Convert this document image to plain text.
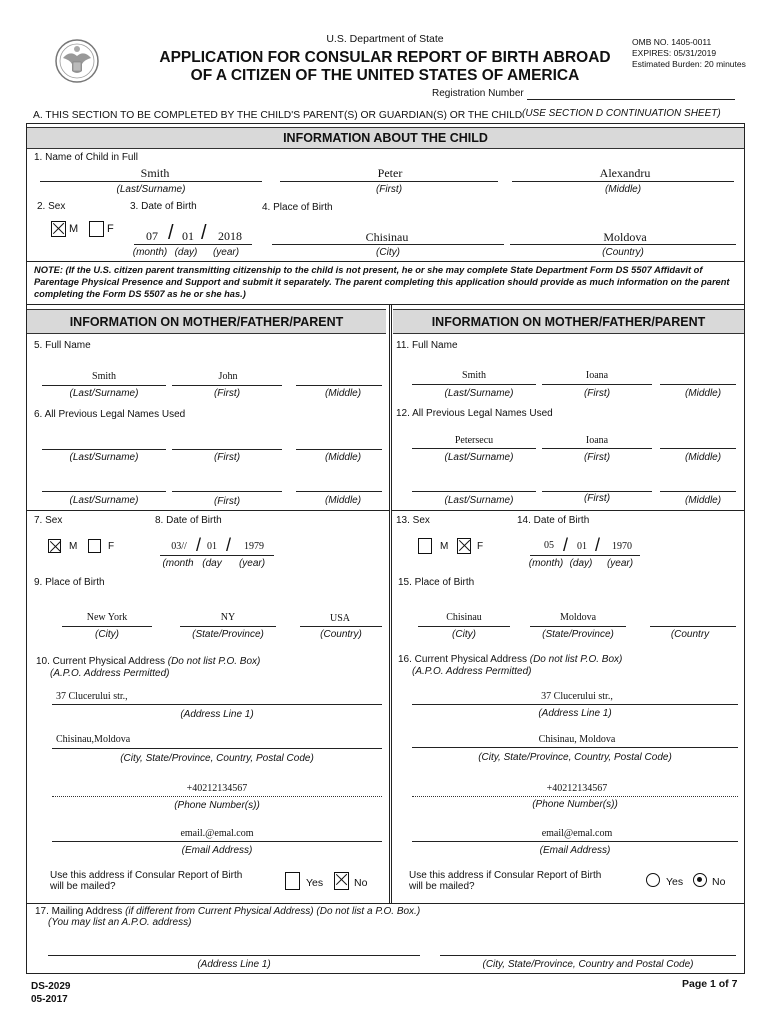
U.S. Department of State
APPLICATION FOR CONSULAR REPORT OF BIRTH ABROAD
OF A CITIZEN OF THE UNITED STATES OF AMERICA
OMB NO. 1405-0011
EXPIRES: 05/31/2019
Estimated Burden: 20 minutes
Registration Number
A. THIS SECTION TO BE COMPLETED BY THE CHILD'S PARENT(S) OR GUARDIAN(S) OR THE CHILD (USE SECTION D CONTINUATION SHEET)
INFORMATION ABOUT THE CHILD
1. Name of Child in Full
Smith	Peter	Alexandru
(Last/Surname)	(First)	(Middle)
2. Sex	3. Date of Birth	4. Place of Birth
M	F	07 / 01 / 2018
(month) (day)	(year)
Chisinau	Moldova
(City)	(Country)
NOTE: (If the U.S. citizen parent transmitting citizenship to the child is not present, he or she may complete State Department Form DS 5507 Affidavit of Parentage Physical Presence and Support and submit it separately. The parent completing this application should provide as much information on the parent completing the Form DS 5507 as he or she has.)
INFORMATION ON MOTHER/FATHER/PARENT	INFORMATION ON MOTHER/FATHER/PARENT
5. Full Name
Smith	John
(Last/Surname)	(First)	(Middle)
6. All Previous Legal Names Used
(Last/Surname)	(First)	(Middle)
(Last/Surname)	(First)	(Middle)
7. Sex	8. Date of Birth
M	F	03// / 01 /	1979
(month (day	(year)
9. Place of Birth
New York	NY	USA
(City)	(State/Province)	(Country)
10. Current Physical Address (Do not list P.O. Box)
(A.P.O. Address Permitted)
37 Clucerului str.,
(Address Line 1)
Chisinau,Moldova
(City, State/Province, Country, Postal Code)
+40212134567
(Phone Number(s))
email.@emal.com
(Email Address)
Use this address if Consular Report of Birth
will be mailed?	Yes	No
11. Full Name
Smith	Ioana
(Last/Surname)	(First)	(Middle)
12. All Previous Legal Names Used
Petersecu	Ioana
(Last/Surname)	(First)	(Middle)
(Last/Surname)	(First)	(Middle)
13. Sex	14. Date of Birth
M	F	05 / 01 /	1970
(month) (day)	(year)
15. Place of Birth
Chisinau	Moldova
(City)	(State/Province)	(Country
16. Current Physical Address (Do not list P.O. Box)
(A.P.O. Address Permitted)
37 Clucerului str.,
(Address Line 1)
Chisinau, Moldova
(City, State/Province, Country, Postal Code)
+40212134567
(Phone Number(s))
email@emal.com
(Email Address)
Use this address if Consular Report of Birth
will be mailed?	Yes	No
17. Mailing Address (if different from Current Physical Address) (Do not list a P.O. Box.)
(You may list an A.P.O. address)
(Address Line 1)	(City, State/Province, Country and Postal Code)
DS-2029
05-2017
Page 1 of 7
